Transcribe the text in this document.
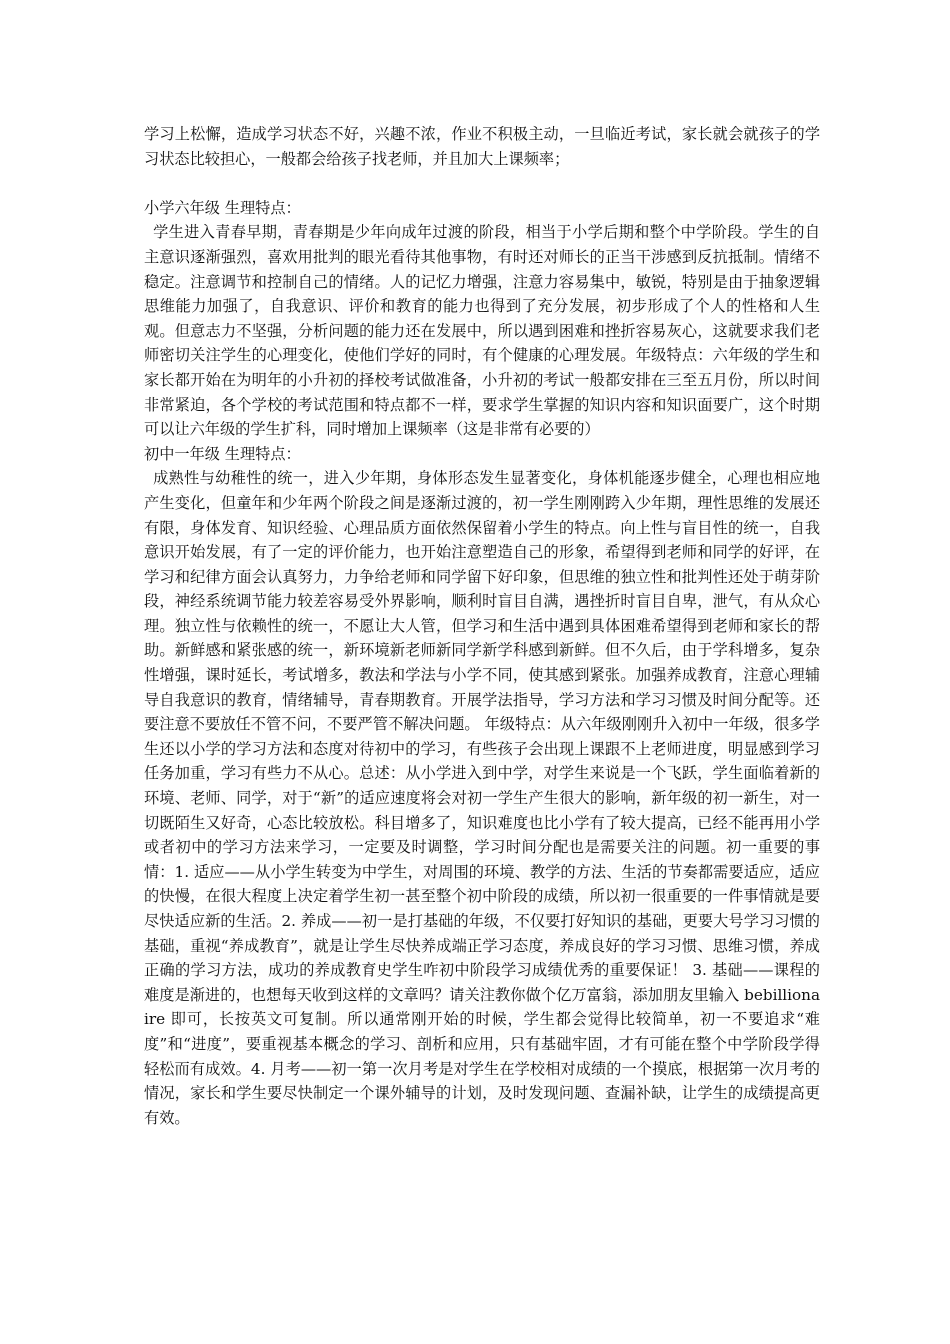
学习上松懈，造成学习状态不好，兴趣不浓，作业不积极主动，一旦临近考试，家长就会就孩子的学习状态比较担心，一般都会给孩子找老师，并且加大上课频率；

小学六年级 生理特点：

学生进入青春早期，青春期是少年向成年过渡的阶段，相当于小学后期和整个中学阶段。学生的自主意识逐渐强烈，喜欢用批判的眼光看待其他事物，有时还对师长的正当干涉感到反抗抵制。情绪不稳定。注意调节和控制自己的情绪。人的记忆力增强，注意力容易集中，敏锐，特别是由于抽象逻辑思维能力加强了，自我意识、评价和教育的能力也得到了充分发展，初步形成了个人的性格和人生观。但意志力不坚强，分析问题的能力还在发展中，所以遇到困难和挫折容易灰心，这就要求我们老师密切关注学生的心理变化，使他们学好的同时，有个健康的心理发展。年级特点：六年级的学生和家长都开始在为明年的小升初的择校考试做准备，小升初的考试一般都安排在三至五月份，所以时间非常紧迫，各个学校的考试范围和特点都不一样，要求学生掌握的知识内容和知识面要广，这个时期可以让六年级的学生扩科，同时增加上课频率（这是非常有必要的）

初中一年级 生理特点：

成熟性与幼稚性的统一，进入少年期，身体形态发生显著变化，身体机能逐步健全，心理也相应地产生变化，但童年和少年两个阶段之间是逐渐过渡的，初一学生刚刚跨入少年期，理性思维的发展还有限，身体发育、知识经验、心理品质方面依然保留着小学生的特点。向上性与盲目性的统一，自我意识开始发展，有了一定的评价能力，也开始注意塑造自己的形象，希望得到老师和同学的好评，在学习和纪律方面会认真努力，力争给老师和同学留下好印象，但思维的独立性和批判性还处于萌芽阶段，神经系统调节能力较差容易受外界影响，顺利时盲目自满，遇挫折时盲目自卑，泄气，有从众心理。独立性与依赖性的统一，不愿让大人管，但学习和生活中遇到具体困难希望得到老师和家长的帮助。新鲜感和紧张感的统一，新环境新老师新同学新学科感到新鲜。但不久后，由于学科增多，复杂性增强，课时延长，考试增多，教法和学法与小学不同，使其感到紧张。加强养成教育，注意心理辅导自我意识的教育，情绪辅导，青春期教育。开展学法指导，学习方法和学习习惯及时间分配等。还要注意不要放任不管不问，不要严管不解决问题。 年级特点：从六年级刚刚升入初中一年级，很多学生还以小学的学习方法和态度对待初中的学习，有些孩子会出现上课跟不上老师进度，明显感到学习任务加重，学习有些力不从心。总述：从小学进入到中学，对学生来说是一个飞跃，学生面临着新的环境、老师、同学，对于“新”的适应速度将会对初一学生产生很大的影响，新年级的初一新生，对一切既陌生又好奇，心态比较放松。科目增多了，知识难度也比小学有了较大提高，已经不能再用小学或者初中的学习方法来学习，一定要及时调整，学习时间分配也是需要关注的问题。初一重要的事情：1. 适应——从小学生转变为中学生，对周围的环境、教学的方法、生活的节奏都需要适应，适应的快慢，在很大程度上决定着学生初一甚至整个初中阶段的成绩，所以初一很重要的一件事情就是要尽快适应新的生活。2. 养成——初一是打基础的年级，不仅要打好知识的基础，更要大号学习习惯的基础，重视“养成教育”，就是让学生尽快养成端正学习态度，养成良好的学习习惯、思维习惯，养成正确的学习方法，成功的养成教育史学生咋初中阶段学习成绩优秀的重要保证！ 3. 基础——课程的难度是渐进的，也想每天收到这样的文章吗？请关注教你做个亿万富翁，添加朋友里输入 bebillionaire 即可，长按英文可复制。所以通常刚开始的时候，学生都会觉得比较简单，初一不要追求“难度”和“进度”，要重视基本概念的学习、剖析和应用，只有基础牢固，才有可能在整个中学阶段学得轻松而有成效。4. 月考——初一第一次月考是对学生在学校相对成绩的一个摸底，根据第一次月考的情况，家长和学生要尽快制定一个课外辅导的计划，及时发现问题、查漏补缺，让学生的成绩提高更有效。
